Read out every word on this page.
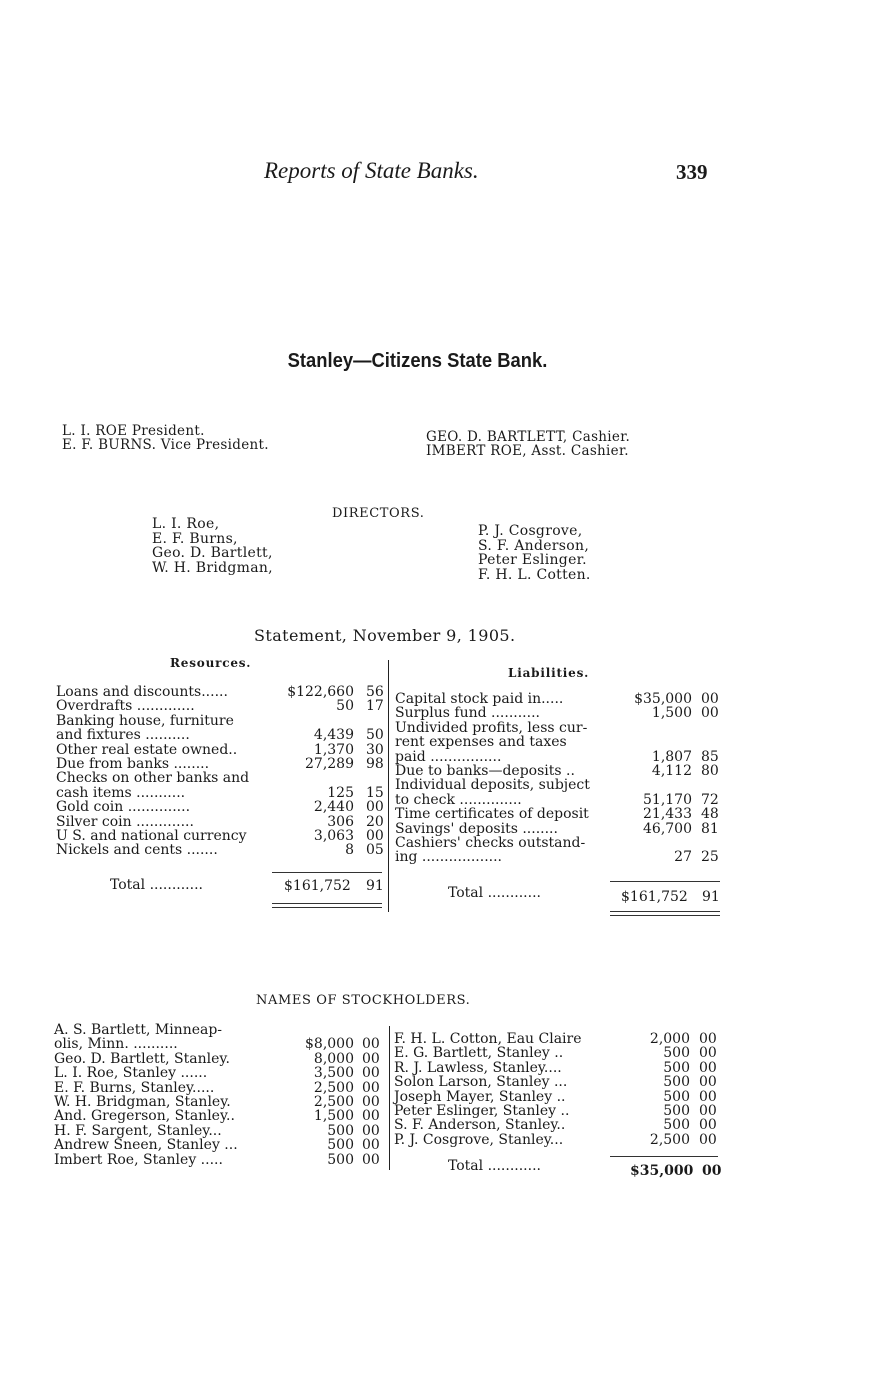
Reports of State Banks.	339
Stanley—Citizens State Bank.
L. I. ROE President.
E. F. BURNS. Vice President.	GEO. D. BARTLETT, Cashier.
IMBERT ROE, Asst. Cashier.
DIRECTORS.
L. I. Roe,
E. F. Burns,
Geo. D. Bartlett,
W. H. Bridgman,
P. J. Cosgrove,
S. F. Anderson,
Peter Eslinger.
F. H. L. Cotten.
Statement, November 9, 1905.
Resources.
Liabilities.
Loans and discounts......	$122,660 56
Overdrafts .............	50 17
Banking house, furniture
and fixtures ..........	4,439 50
Other real estate owned..	1,370 30
Due from banks ........	27,289 98
Checks on other banks and
cash items ...........	125 15
Gold coin ..............	2,440 00
Silver coin .............	306 20
U S. and national currency	3,063 00
Nickels and cents .......	8 05
Total ............	$161,752 91
Capital stock paid in.....	$35,000 00
Surplus fund ...........	1,500 00
Undivided profits, less cur-
rent expenses and taxes
paid ................	1,807 85
Due to banks—deposits ..	4,112 80
Individual deposits, subject
to check ..............	51,170 72
Time certificates of deposit	21,433 48
Savings' deposits ........	46,700 81
Cashiers' checks outstand-
ing ..................	27 25
Total ............	$161,752 91
NAMES OF STOCKHOLDERS.
A. S. Bartlett, Minneap-
olis, Minn. ..........	$8,000 00
Geo. D. Bartlett, Stanley.	8,000 00
L. I. Roe, Stanley ......	3,500 00
E. F. Burns, Stanley.....	2,500 00
W. H. Bridgman, Stanley.	2,500 00
And. Gregerson, Stanley..	1,500 00
H. F. Sargent, Stanley...	500 00
Andrew Sneen, Stanley ...	500 00
Imbert Roe, Stanley .....	500 00
F. H. L. Cotton, Eau Claire	2,000 00
E. G. Bartlett, Stanley ..	500 00
R. J. Lawless, Stanley....	500 00
Solon Larson, Stanley ...	500 00
Joseph Mayer, Stanley ..	500 00
Peter Eslinger, Stanley ..	500 00
S. F. Anderson, Stanley..	500 00
P. J. Cosgrove, Stanley...	2,500 00
Total ............	$35,000 00
